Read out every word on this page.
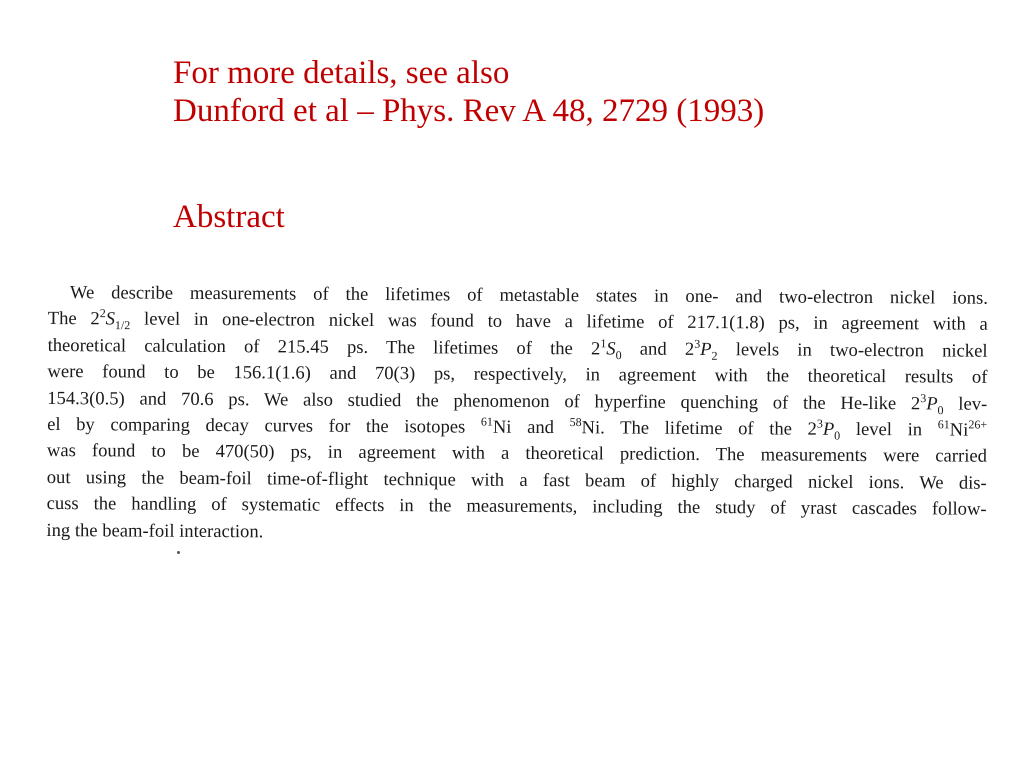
For more details, see also
Dunford et al – Phys. Rev A 48, 2729 (1993)
Abstract
We describe measurements of the lifetimes of metastable states in one- and two-electron nickel ions.
The $2^2S_{1/2}$ level in one-electron nickel was found to have a lifetime of 217.1(1.8) ps, in agreement with a
theoretical calculation of 215.45 ps. The lifetimes of the $2^1S_0$ and $2^3P_2$ levels in two-electron nickel
were found to be 156.1(1.6) and 70(3) ps, respectively, in agreement with the theoretical results of
154.3(0.5) and 70.6 ps. We also studied the phenomenon of hyperfine quenching of the He-like $2^3P_0$ lev-
el by comparing decay curves for the isotopes $^{61}$Ni and $^{58}$Ni. The lifetime of the $2^3P_0$ level in $^{61}Ni^{26+}$
was found to be 470(50) ps, in agreement with a theoretical prediction. The measurements were carried
out using the beam-foil time-of-flight technique with a fast beam of highly charged nickel ions. We dis-
cuss the handling of systematic effects in the measurements, including the study of yrast cascades follow-
ing the beam-foil interaction.
